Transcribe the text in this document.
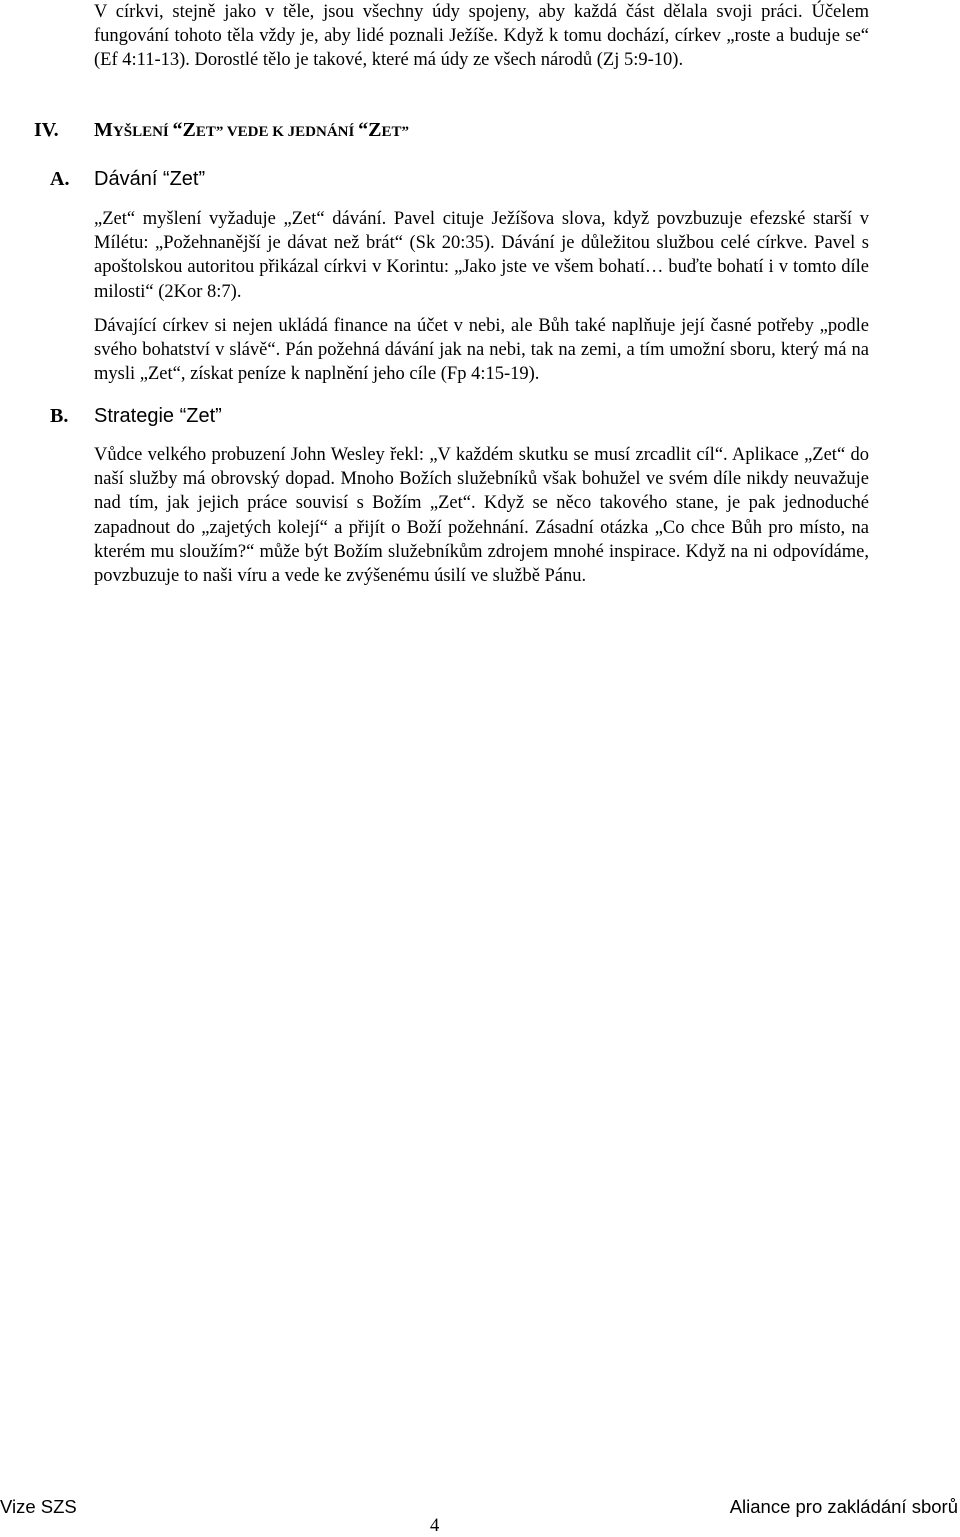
V církvi, stejně jako v těle, jsou všechny údy spojeny, aby každá část dělala svoji práci. Účelem fungování tohoto těla vždy je, aby lidé poznali Ježíše. Když k tomu dochází, církev „roste a buduje se“ (Ef 4:11-13). Dorostlé tělo je takové, které má údy ze všech národů (Zj 5:9-10).

IV. MYŠLENÍ “ZET” VEDE K JEDNÁNÍ “ZET”
A. Dávání “Zet”

„Zet“ myšlení vyžaduje „Zet“ dávání. Pavel cituje Ježíšova slova, když povzbuzuje efezské starší v Mílétu: „Požehnanější je dávat než brát“ (Sk 20:35). Dávání je důležitou službou celé církve. Pavel s apoštolskou autoritou přikázal církvi v Korintu: „Jako jste ve všem bohatí… buďte bohatí i v tomto díle milosti“ (2Kor 8:7).

Dávající církev si nejen ukládá finance na účet v nebi, ale Bůh také naplňuje její časné potřeby „podle svého bohatství v slávě“. Pán požehná dávání jak na nebi, tak na zemi, a tím umožní sboru, který má na mysli „Zet“, získat peníze k naplnění jeho cíle (Fp 4:15-19).

B. Strategie “Zet”

Vůdce velkého probuzení John Wesley řekl: „V každém skutku se musí zrcadlit cíl“. Aplikace „Zet“ do naší služby má obrovský dopad. Mnoho Božích služebníků však bohužel ve svém díle nikdy neuvažuje nad tím, jak jejich práce souvisí s Božím „Zet“. Když se něco takového stane, je pak jednoduché zapadnout do „zajetých kolejí“ a přijít o Boží požehnání. Zásadní otázka „Co chce Bůh pro místo, na kterém mu sloužím?“ může být Božím služebníkům zdrojem mnohé inspirace. Když na ni odpovídáme, povzbuzuje to naši víru a vede ke zvýšenému úsilí ve službě Pánu.

Vize SZS	Aliance pro zakládání sborů
4
